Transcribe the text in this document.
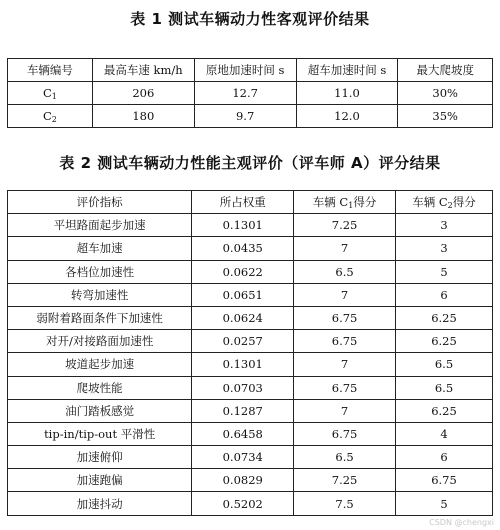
表 1 测试车辆动力性客观评价结果
车辆编号	最高车速 km/h	原地加速时间 s	超车加速时间 s	最大爬坡度
$C_1$	206	12.7	11.0	30%
$C_2$	180	9.7	12.0	35%
表 2 测试车辆动力性能主观评价（评车师 A）评分结果
评价指标	所占权重	车辆 $C_1$得分	车辆 $C_2$得分
平坦路面起步加速	0.1301	7.25	3
超车加速	0.0435	7	3
各档位加速性	0.0622	6.5	5
转弯加速性	0.0651	7	6
弱附着路面条件下加速性	0.0624	6.75	6.25
对开/对接路面加速性	0.0257	6.75	6.25
坡道起步加速	0.1301	7	6.5
爬坡性能	0.0703	6.75	6.5
油门踏板感觉	0.1287	7	6.25
tip-in/tip-out 平滑性	0.6458	6.75	4
加速俯仰	0.0734	6.5	6
加速跑偏	0.0829	7.25	6.75
加速抖动	0.5202	7.5	5
CSDN @chengxi
